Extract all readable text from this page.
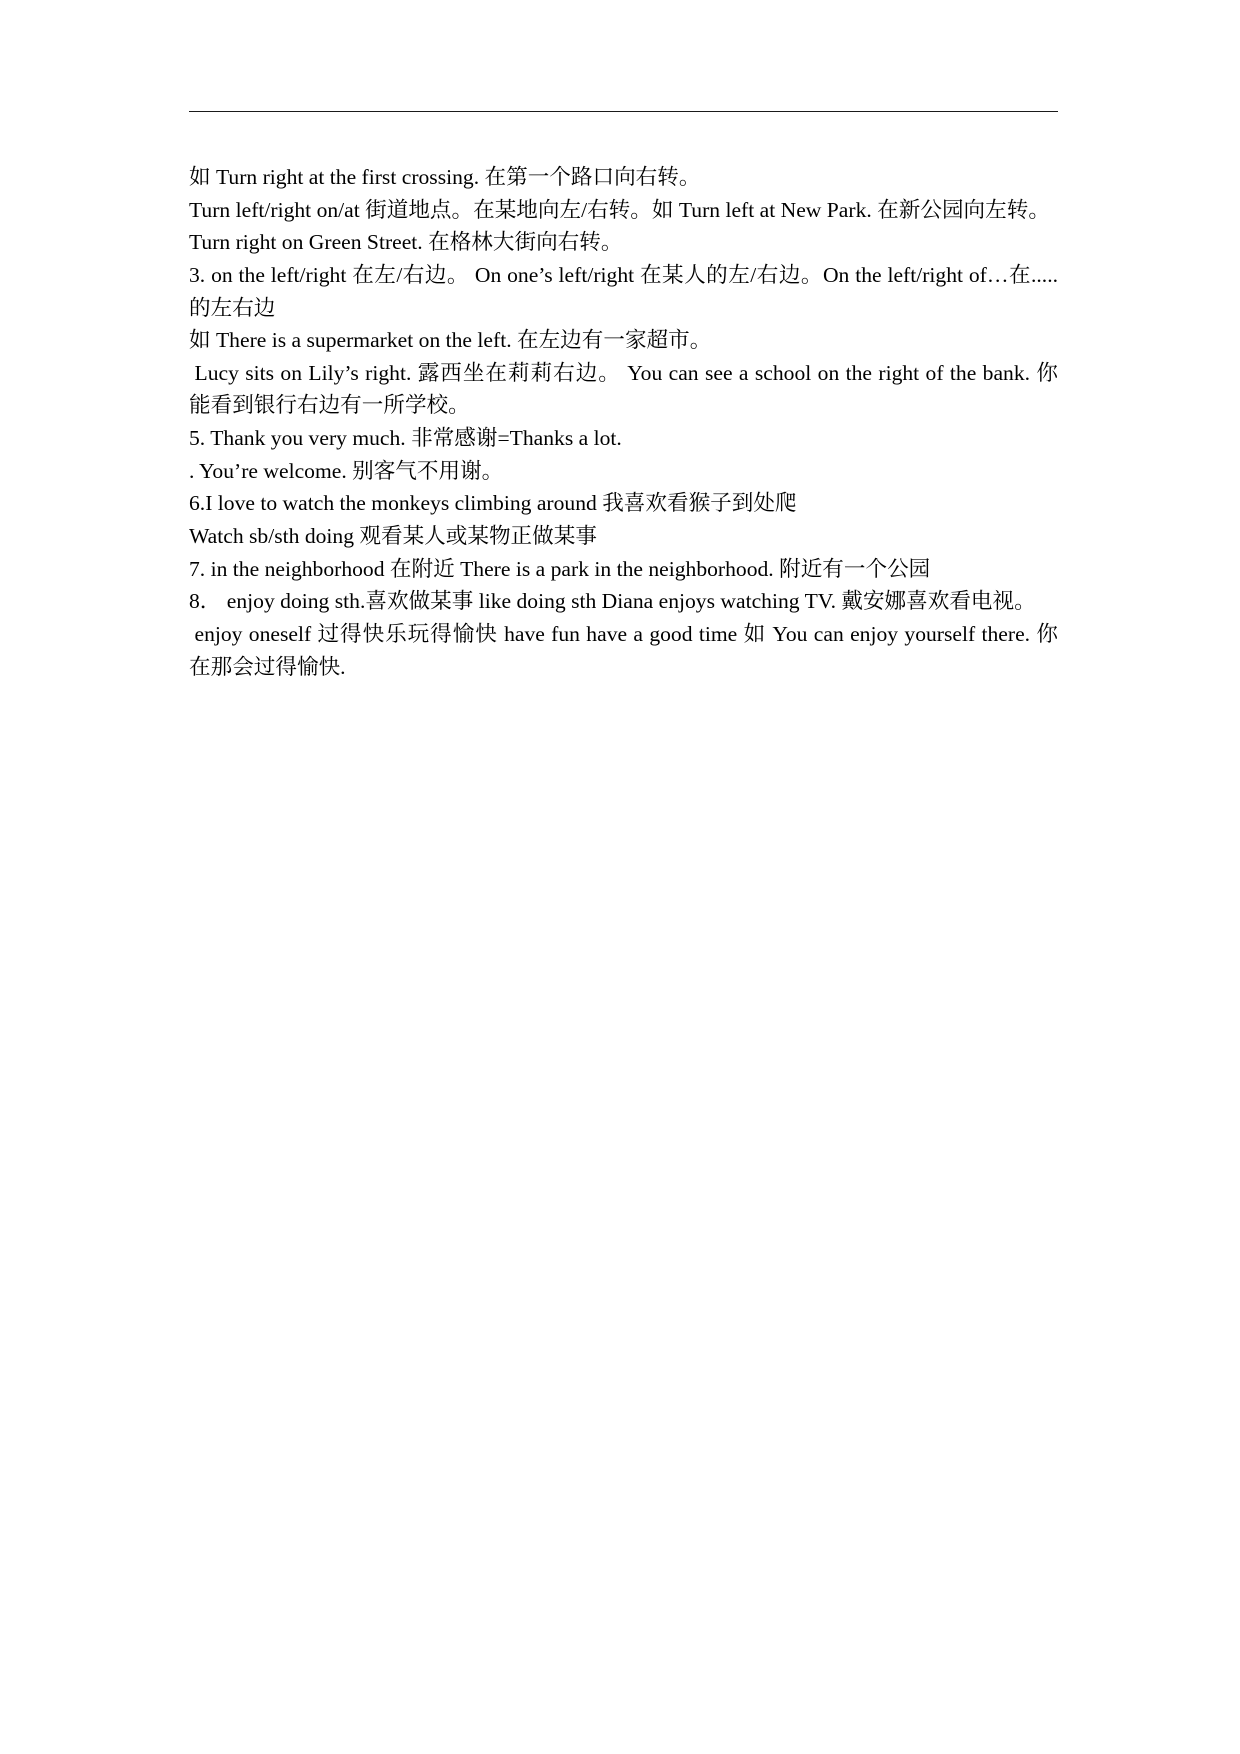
如 Turn right at the first crossing. 在第一个路口向右转。
Turn left/right on/at 街道地点。在某地向左/右转。如 Turn left at New Park. 在新公园向左转。
Turn right on Green Street. 在格林大街向右转。
3. on the left/right 在左/右边。 On one’s left/right 在某人的左/右边。On the left/right of…在.....
的左右边
如 There is a supermarket on the left. 在左边有一家超市。
Lucy sits on Lily’s right. 露西坐在莉莉右边。 You can see a school on the right of the bank. 你
能看到银行右边有一所学校。
5. Thank you very much. 非常感谢=Thanks a lot.
. You’re welcome. 别客气不用谢。
6.I love to watch the monkeys climbing around 我喜欢看猴子到处爬
Watch sb/sth doing 观看某人或某物正做某事
7. in the neighborhood 在附近 There is a park in the neighborhood. 附近有一个公园
8． enjoy doing sth.喜欢做某事 like doing sth Diana enjoys watching TV. 戴安娜喜欢看电视。
enjoy oneself 过得快乐玩得愉快 have fun have a good time 如 You can enjoy yourself there. 你
在那会过得愉快.
